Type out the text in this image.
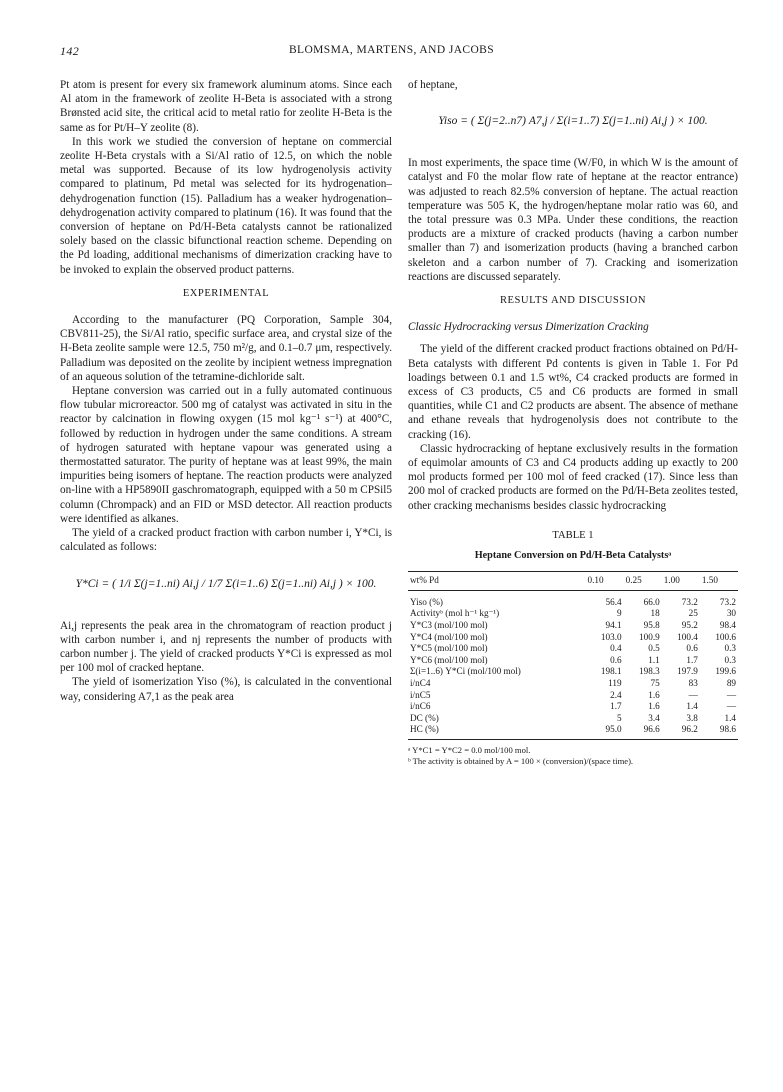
142	BLOMSMA, MARTENS, AND JACOBS

Pt atom is present for every six framework aluminum atoms. Since each Al atom in the framework of zeolite H-Beta is associated with a strong Brønsted acid site, the critical acid to metal ratio for zeolite H-Beta is the same as for Pt/H–Y zeolite (8).

In this work we studied the conversion of heptane on commercial zeolite H-Beta crystals with a Si/Al ratio of 12.5, on which the noble metal was supported. Because of its low hydrogenolysis activity compared to platinum, Pd metal was selected for its hydrogenation–dehydrogenation function (15). Palladium has a weaker hydrogenation–dehydrogenation activity compared to platinum (16). It was found that the conversion of heptane on Pd/H-Beta catalysts cannot be rationalized solely based on the classic bifunctional reaction scheme. Depending on the Pd loading, additional mechanisms of dimerization cracking have to be invoked to explain the observed product patterns.

EXPERIMENTAL

According to the manufacturer (PQ Corporation, Sample 304, CBV811-25), the Si/Al ratio, specific surface area, and crystal size of the H-Beta zeolite sample were 12.5, 750 m²/g, and 0.1–0.7 μm, respectively. Palladium was deposited on the zeolite by incipient wetness impregnation of an aqueous solution of the tetramine-dichloride salt.

Heptane conversion was carried out in a fully automated continuous flow tubular microreactor. 500 mg of catalyst was activated in situ in the reactor by calcination in flowing oxygen (15 mol kg⁻¹ s⁻¹) at 400°C, followed by reduction in hydrogen under the same conditions. A stream of hydrogen saturated with heptane vapour was generated using a thermostatted saturator. The purity of heptane was at least 99%, the main impurities being isomers of heptane. The reaction products were analyzed on-line with a HP5890II gaschromatograph, equipped with a 50 m CPSil5 column (Chrompack) and an FID or MSD detector. All reaction products were identified as alkanes.

The yield of a cracked product fraction with carbon number i, Y*Ci, is calculated as follows:

Y*Ci = ( 1/i Σ(j=1..ni) Ai,j / 1/7 Σ(i=1..6) Σ(j=1..ni) Ai,j ) × 100.

Ai,j represents the peak area in the chromatogram of reaction product j with carbon number i, and nj represents the number of products with carbon number j. The yield of cracked products Y*Ci is expressed as mol per 100 mol of cracked heptane.

The yield of isomerization Yiso (%), is calculated in the conventional way, considering A7,1 as the peak area

of heptane,

Yiso = ( Σ(j=2..n7) A7,j / Σ(i=1..7) Σ(j=1..ni) Ai,j ) × 100.

In most experiments, the space time (W/F0, in which W is the amount of catalyst and F0 the molar flow rate of heptane at the reactor entrance) was adjusted to reach 82.5% conversion of heptane. The actual reaction temperature was 505 K, the hydrogen/heptane molar ratio was 60, and the total pressure was 0.3 MPa. Under these conditions, the reaction products are a mixture of cracked products (having a carbon number smaller than 7) and isomerization products (having a branched carbon skeleton and a carbon number of 7). Cracking and isomerization reactions are discussed separately.

RESULTS AND DISCUSSION
Classic Hydrocracking versus Dimerization Cracking

The yield of the different cracked product fractions obtained on Pd/H-Beta catalysts with different Pd contents is given in Table 1. For Pd loadings between 0.1 and 1.5 wt%, C4 cracked products are formed in excess of C3 products, C5 and C6 products are formed in small quantities, while C1 and C2 products are absent. The absence of methane and ethane reveals that hydrogenolysis does not contribute to the cracking (16).

Classic hydrocracking of heptane exclusively results in the formation of equimolar amounts of C3 and C4 products adding up exactly to 200 mol products formed per 100 mol of feed cracked (17). Since less than 200 mol of cracked products are formed on the Pd/H-Beta zeolites tested, other cracking mechanisms besides classic hydrocracking

TABLE 1
Heptane Conversion on Pd/H-Beta Catalystsᵃ
wt% Pd	0.10	0.25	1.00	1.50
Yiso (%)	56.4	66.0	73.2	73.2
Activityᵇ (mol h⁻¹ kg⁻¹)	9	18	25	30
Y*C3 (mol/100 mol)	94.1	95.8	95.2	98.4
Y*C4 (mol/100 mol)	103.0	100.9	100.4	100.6
Y*C5 (mol/100 mol)	0.4	0.5	0.6	0.3
Y*C6 (mol/100 mol)	0.6	1.1	1.7	0.3
Σ(i=1..6) Y*Ci (mol/100 mol)	198.1	198.3	197.9	199.6
i/nC4	119	75	83	89
i/nC5	2.4	1.6	—	—
i/nC6	1.7	1.6	1.4	—
DC (%)	5	3.4	3.8	1.4
HC (%)	95.0	96.6	96.2	98.6
ᵃ Y*C1 = Y*C2 = 0.0 mol/100 mol.
ᵇ The activity is obtained by A = 100 × (conversion)/(space time).
